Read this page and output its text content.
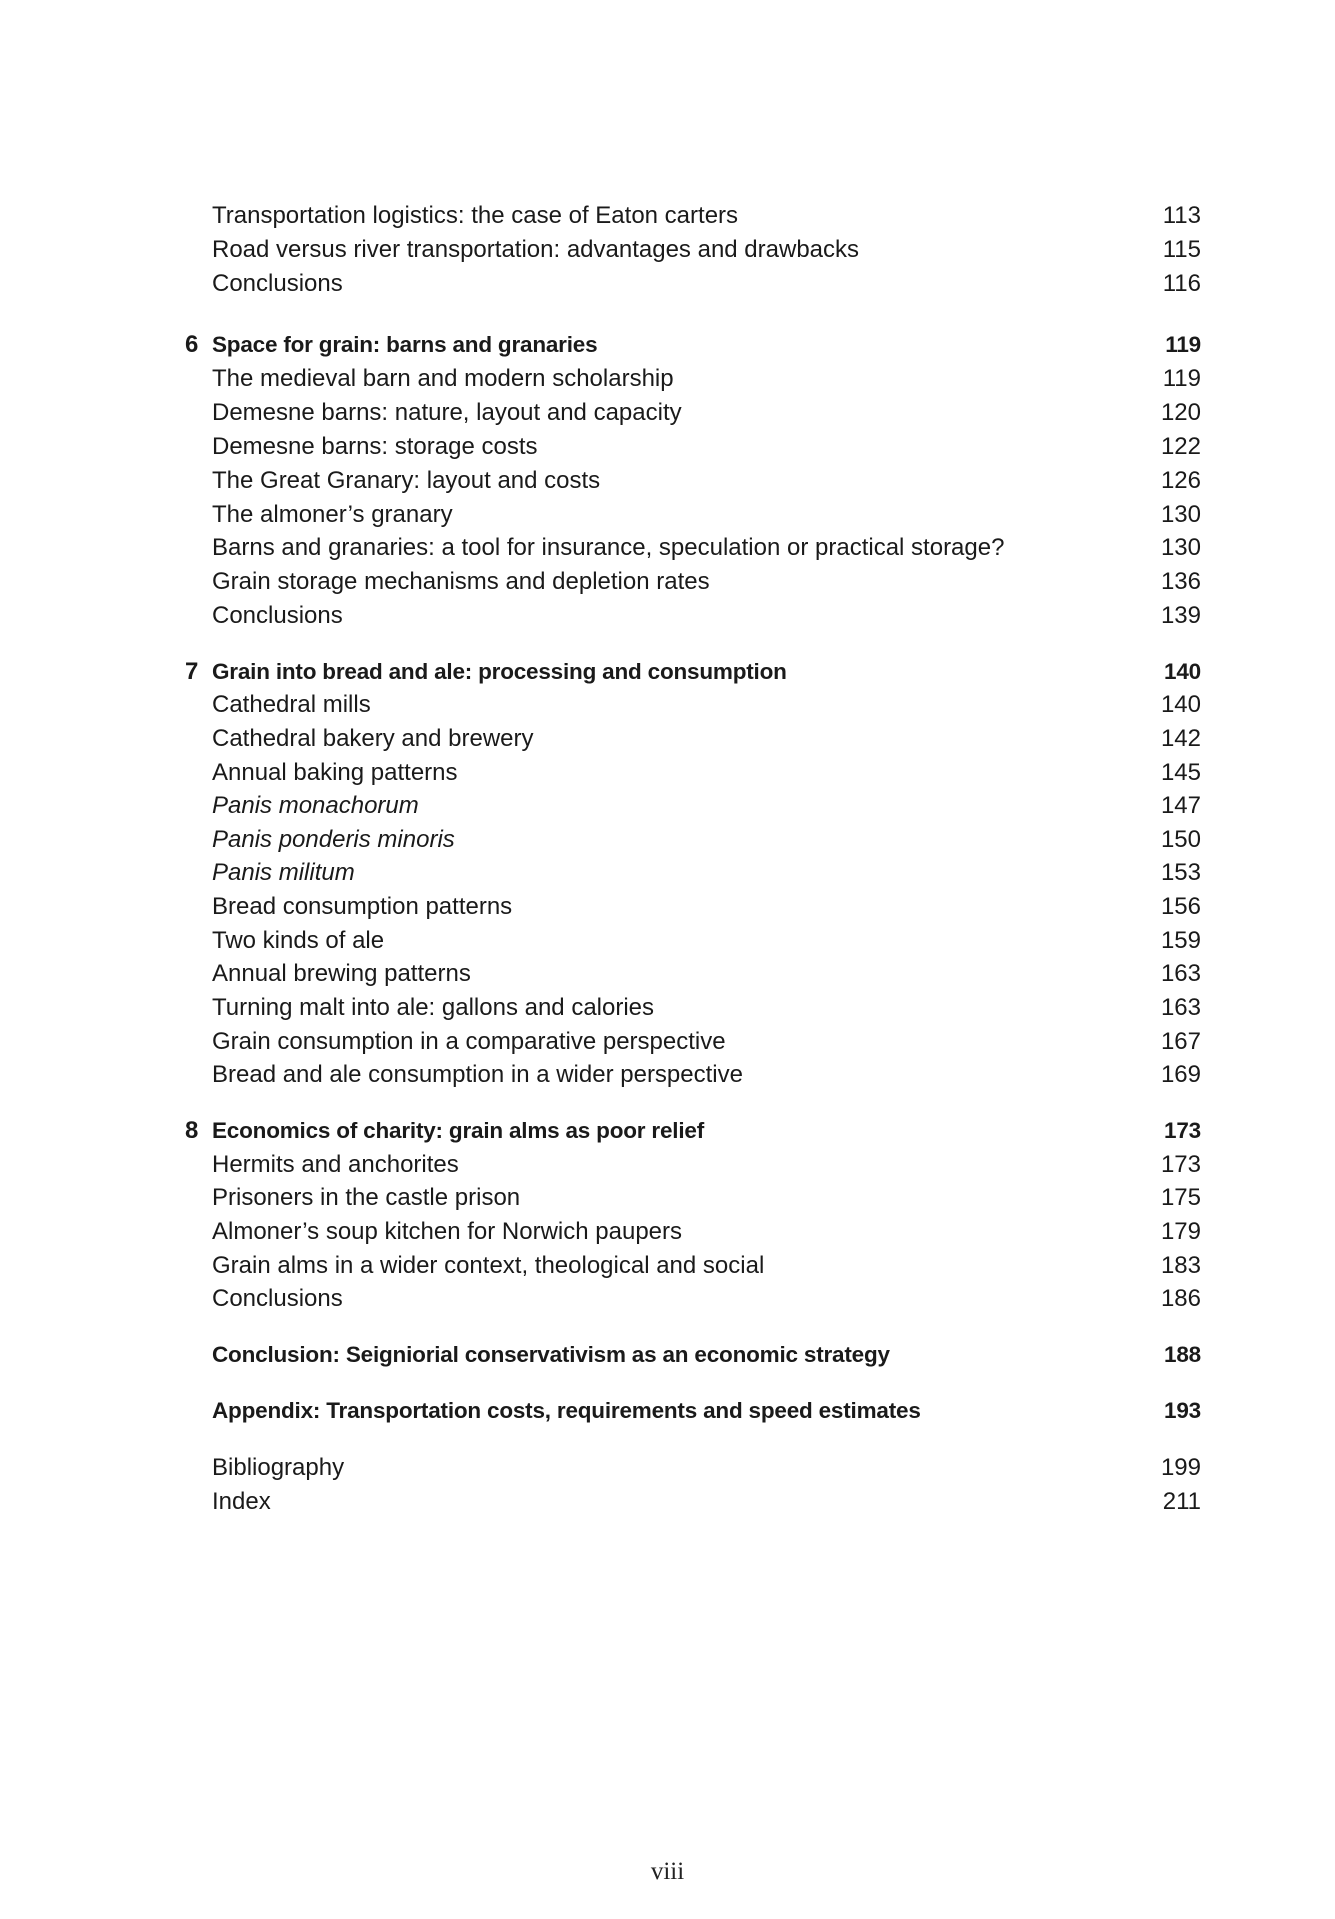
Transportation logistics: the case of Eaton carters	113
Road versus river transportation: advantages and drawbacks	115
Conclusions	116
6 Space for grain: barns and granaries	119
The medieval barn and modern scholarship	119
Demesne barns: nature, layout and capacity	120
Demesne barns: storage costs	122
The Great Granary: layout and costs	126
The almoner’s granary	130
Barns and granaries: a tool for insurance, speculation or practical storage?	130
Grain storage mechanisms and depletion rates	136
Conclusions	139
7 Grain into bread and ale: processing and consumption	140
Cathedral mills	140
Cathedral bakery and brewery	142
Annual baking patterns	145
Panis monachorum	147
Panis ponderis minoris	150
Panis militum	153
Bread consumption patterns	156
Two kinds of ale	159
Annual brewing patterns	163
Turning malt into ale: gallons and calories	163
Grain consumption in a comparative perspective	167
Bread and ale consumption in a wider perspective	169
8 Economics of charity: grain alms as poor relief	173
Hermits and anchorites	173
Prisoners in the castle prison	175
Almoner’s soup kitchen for Norwich paupers	179
Grain alms in a wider context, theological and social	183
Conclusions	186
Conclusion: Seigniorial conservativism as an economic strategy	188
Appendix: Transportation costs, requirements and speed estimates	193
Bibliography	199
Index	211
viii
